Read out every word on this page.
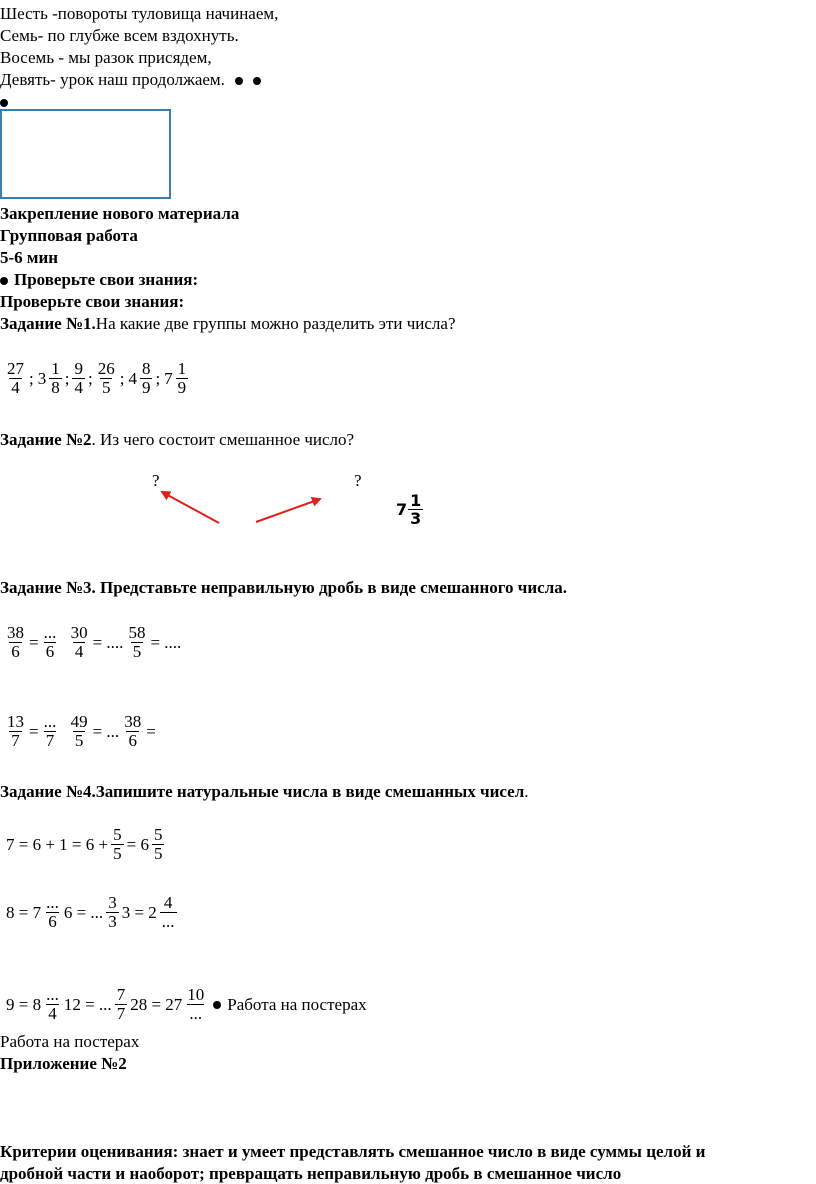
Шесть -повороты туловища начинаем,
Семь- по глубже всем вздохнуть.
Восемь - мы разок присядем,
Девять- урок наш продолжаем.
Закрепление нового материала
Групповая работа
5-6 мин
Проверьте свои знания:
Проверьте свои знания:
Задание №1.На какие две группы можно разделить эти числа?
$\frac{27}{4}$ ; $3 \frac{1}{8}$ ; $\frac{9}{4}$ ; $\frac{26}{5}$ ; $4 \frac{8}{9}$ ; $7 \frac{1}{9}$
Задание №2. Из чего состоит смешанное число?
?	?
$7 \frac{1}{3}$
Задание №3. Представьте неправильную дробь в виде смешанного числа.
$\frac{38}{6} = \frac{...}{6}$
$\frac{30}{4}$ = .... $\frac{58}{5}$ = ....
$\frac{13}{7} = \frac{...}{7}$
$\frac{49}{5}$ = ... $\frac{38}{6}$ =
Задание №4.Запишите натуральные числа в виде смешанных чисел.
$7 = 6 + 1 = 6 + \frac{5}{5} = 6 \frac{5}{5}$
$8 = 7 \frac{...}{6} 6$ = ... $\frac{3}{3} 3 = 2 \frac{4}{...}$
$9 = 8 \frac{...}{4} 12$ = ... $\frac{7}{7} 28 = 27 \frac{10}{...}$ Работа на постерах
Работа на постерах
Приложение №2
Критерии оценивания: знает и умеет представлять смешанное число в виде суммы целой и
дробной части и наоборот; превращать неправильную дробь в смешанное число
